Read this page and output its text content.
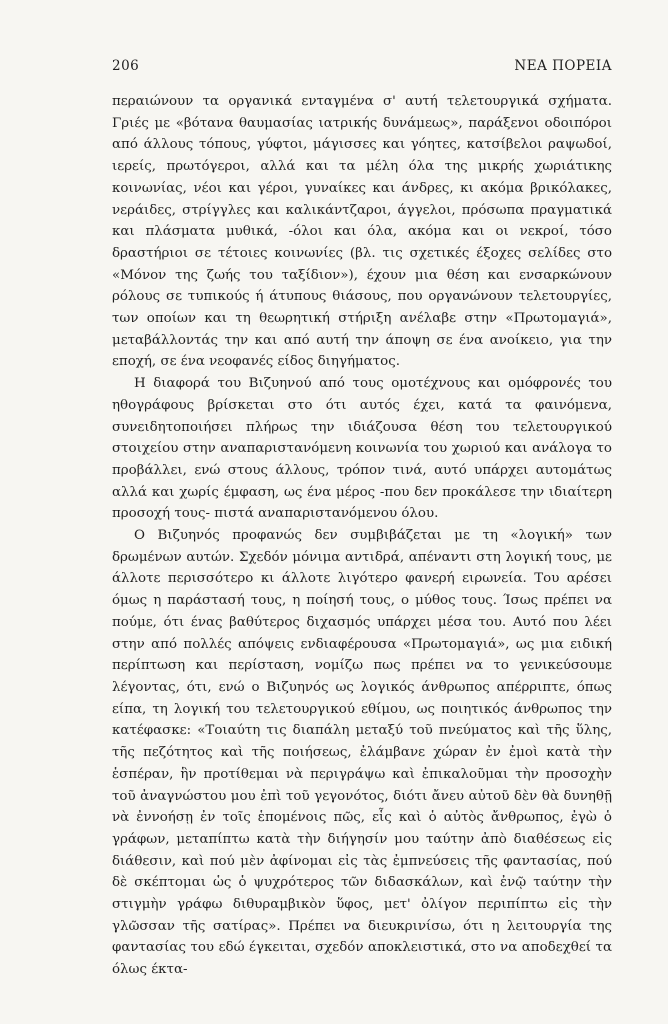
206	ΝΕΑ ΠΟΡΕΙΑ

περαιώνουν τα οργανικά ενταγμένα σ' αυτή τελετουργικά σχήματα. Γριές με «βότανα θαυμασίας ιατρικής δυνάμεως», παράξενοι οδοιπόροι από άλλους τόπους, γύφτοι, μάγισσες και γόητες, κατσίβελοι ραψωδοί, ιερείς, πρωτόγεροι, αλλά και τα μέλη όλα της μικρής χωριάτικης κοινωνίας, νέοι και γέροι, γυναίκες και άνδρες, κι ακόμα βρικόλακες, νεράιδες, στρίγγλες και καλικάντζαροι, άγγελοι, πρόσωπα πραγματικά και πλάσματα μυθικά, -όλοι και όλα, ακόμα και οι νεκροί, τόσο δραστήριοι σε τέτοιες κοινωνίες (βλ. τις σχετικές έξοχες σελίδες στο «Μόνον της ζωής του ταξίδιον»), έχουν μια θέση και ενσαρκώνουν ρόλους σε τυπικούς ή άτυπους θιάσους, που οργανώνουν τελετουργίες, των οποίων και τη θεωρητική στήριξη ανέλαβε στην «Πρωτομαγιά», μεταβάλλοντάς την και από αυτή την άποψη σε ένα ανοίκειο, για την εποχή, σε ένα νεοφανές είδος διηγήματος.

Η διαφορά του Βιζυηνού από τους ομοτέχνους και ομόφρονές του ηθογράφους βρίσκεται στο ότι αυτός έχει, κατά τα φαινόμενα, συνειδητοποιήσει πλήρως την ιδιάζουσα θέση του τελετουργικού στοιχείου στην αναπαριστανόμενη κοινωνία του χωριού και ανάλογα το προβάλλει, ενώ στους άλλους, τρόπον τινά, αυτό υπάρχει αυτομάτως αλλά και χωρίς έμφαση, ως ένα μέρος -που δεν προκάλεσε την ιδιαίτερη προσοχή τους- πιστά αναπαριστανόμενου όλου.

Ο Βιζυηνός προφανώς δεν συμβιβάζεται με τη «λογική» των δρωμένων αυτών. Σχεδόν μόνιμα αντιδρά, απέναντι στη λογική τους, με άλλοτε περισσότερο κι άλλοτε λιγότερο φανερή ειρωνεία. Του αρέσει όμως η παράστασή τους, η ποίησή τους, ο μύθος τους. Ίσως πρέπει να πούμε, ότι ένας βαθύτερος διχασμός υπάρχει μέσα του. Αυτό που λέει στην από πολλές απόψεις ενδιαφέρουσα «Πρωτομαγιά», ως μια ειδική περίπτωση και περίσταση, νομίζω πως πρέπει να το γενικεύσουμε λέγοντας, ότι, ενώ ο Βιζυηνός ως λογικός άνθρωπος απέρριπτε, όπως είπα, τη λογική του τελετουργικού εθίμου, ως ποιητικός άνθρωπος την κατέφασκε: «Τοιαύτη τις διαπάλη μεταξύ τοῦ πνεύματος καὶ τῆς ὕλης, τῆς πεζότητος καὶ τῆς ποιήσεως, ἐλάμβανε χώραν ἐν ἐμοὶ κατὰ τὴν ἑσπέραν, ἣν προτίθεμαι νὰ περιγράψω καὶ ἐπικαλοῦμαι τὴν προσοχὴν τοῦ ἀναγνώστου μου ἐπὶ τοῦ γεγονότος, διότι ἄνευ αὐτοῦ δὲν θὰ δυνηθῇ νὰ ἐννοήσῃ ἐν τοῖς ἑπομένοις πῶς, εἷς καὶ ὁ αὐτὸς ἄνθρωπος, ἐγὼ ὁ γράφων, μεταπίπτω κατὰ τὴν διήγησίν μου ταύτην ἀπὸ διαθέσεως εἰς διάθεσιν, καὶ πού μὲν ἀφίνομαι εἰς τὰς ἐμπνεύσεις τῆς φαντασίας, πού δὲ σκέπτομαι ὡς ὁ ψυχρότερος τῶν διδασκάλων, καὶ ἐνῷ ταύτην τὴν στιγμὴν γράφω διθυραμβικὸν ὕφος, μετ' ὀλίγον περιπίπτω εἰς τὴν γλῶσσαν τῆς σατίρας». Πρέπει να διευκρινίσω, ότι η λειτουργία της φαντασίας του εδώ έγκειται, σχεδόν αποκλειστικά, στο να αποδεχθεί τα όλως έκτα-
